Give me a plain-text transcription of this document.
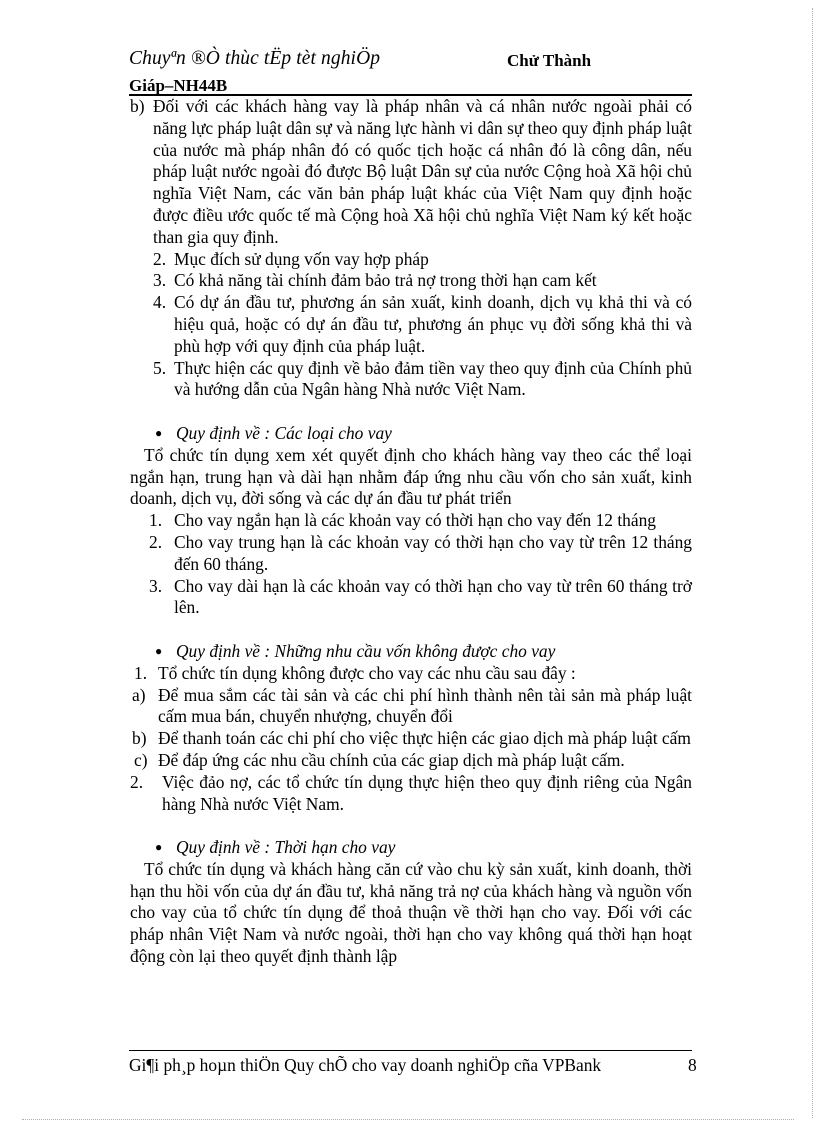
Chuyªn ®Ò thùc tËp tèt nghiÖp	Chử Thành
Giáp–NH44B
b) Đối với các khách hàng vay là pháp nhân và cá nhân nước ngoài phải có năng lực pháp luật dân sự và năng lực hành vi dân sự theo quy định pháp luật của nước mà pháp nhân đó có quốc tịch hoặc cá nhân đó là công dân, nếu pháp luật nước ngoài đó được Bộ luật Dân sự của nước Cộng hoà Xã hội chủ nghĩa Việt Nam, các văn bản pháp luật khác của Việt Nam quy định hoặc được điều ước quốc tế mà Cộng hoà Xã hội chủ nghĩa Việt Nam ký kết hoặc than gia quy định.

2. Mục đích sử dụng vốn vay hợp pháp

3. Có khả năng tài chính đảm bảo trả nợ trong thời hạn cam kết

4. Có dự án đầu tư, phương án sản xuất, kinh doanh, dịch vụ khả thi và có hiệu quả, hoặc có dự án đầu tư, phương án phục vụ đời sống khả thi và phù hợp với quy định của pháp luật.

5. Thực hiện các quy định về bảo đảm tiền vay theo quy định của Chính phủ và hướng dẫn của Ngân hàng Nhà nước Việt Nam.

● Quy định về : Các loại cho vay

Tổ chức tín dụng xem xét quyết định cho khách hàng vay theo các thể loại ngắn hạn, trung hạn và dài hạn nhằm đáp ứng nhu cầu vốn cho sản xuất, kinh doanh, dịch vụ, đời sống và các dự án đầu tư phát triển

1. Cho vay ngắn hạn là các khoản vay có thời hạn cho vay đến 12 tháng

2. Cho vay trung hạn là các khoản vay có thời hạn cho vay từ trên 12 tháng đến 60 tháng.

3. Cho vay dài hạn là các khoản vay có thời hạn cho vay từ trên 60 tháng trở lên.

● Quy định về : Những nhu cầu vốn không được cho vay
1. Tổ chức tín dụng không được cho vay các nhu cầu sau đây :

a) Để mua sắm các tài sản và các chi phí hình thành nên tài sản mà pháp luật cấm mua bán, chuyển nhượng, chuyển đổi

b) Để thanh toán các chi phí cho việc thực hiện các giao dịch mà pháp luật cấm

c) Để đáp ứng các nhu cầu chính của các giap dịch mà pháp luật cấm.

2. Việc đảo nợ, các tổ chức tín dụng thực hiện theo quy định riêng của Ngân hàng Nhà nước Việt Nam.

● Quy định về : Thời hạn cho vay

Tổ chức tín dụng và khách hàng căn cứ vào chu kỳ sản xuất, kinh doanh, thời hạn thu hồi vốn của dự án đầu tư, khả năng trả nợ của khách hàng và nguồn vốn cho vay của tổ chức tín dụng để thoả thuận về thời hạn cho vay. Đối với các pháp nhân Việt Nam và nước ngoài, thời hạn cho vay không quá thời hạn hoạt động còn lại theo quyết định thành lập

Gi¶i ph¸p hoµn thiÖn Quy chÕ cho vay doanh nghiÖp cña VPBank	8
